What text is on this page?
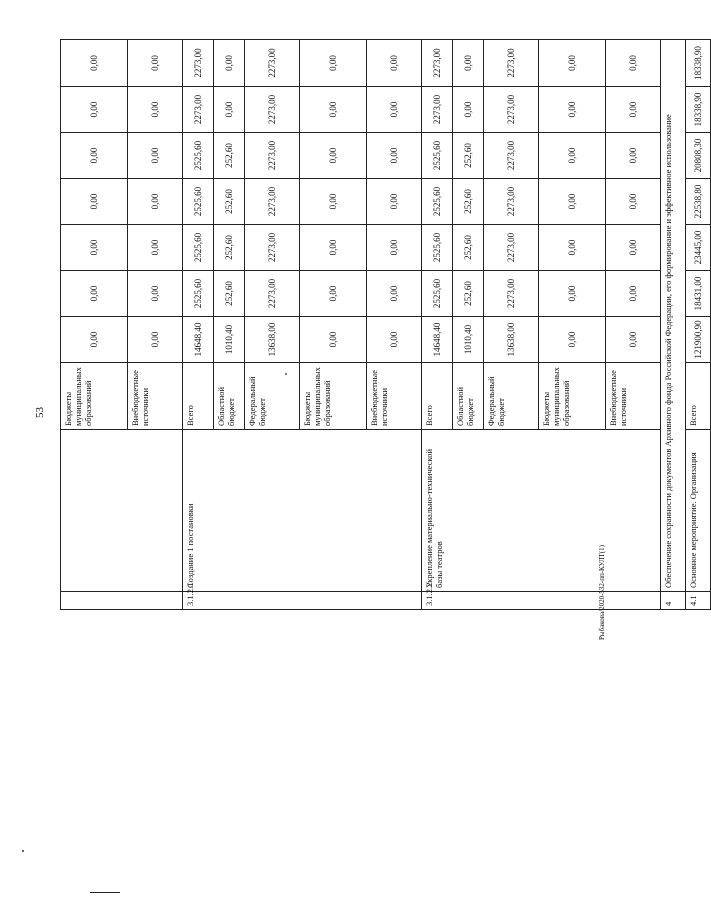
53
Рыбакова/2020-532-пп-КУЛТ(1)
		Бюджеты муниципальных образований	0,00	0,00	0,00	0,00	0,00	0,00	0,00
		Внебюджетные источники	0,00	0,00	0,00	0,00	0,00	0,00	0,00
3.1.2.1	Создание 1 постановки	Всего	14648,40	2525,60	2525,60	2525,60	2525,60	2273,00	2273,00
		Областной бюджет	1010,40	252,60	252,60	252,60	252,60	0,00	0,00
		Федеральный бюджет	13638,00	2273,00	2273,00	2273,00	2273,00	2273,00	2273,00
		Бюджеты муниципальных образований	0,00	0,00	0,00	0,00	0,00	0,00	0,00
		Внебюджетные источники	0,00	0,00	0,00	0,00	0,00	0,00	0,00
3.1.2.2	Укрепление материально-технической базы театров	Всего	14648,40	2525,60	2525,60	2525,60	2525,60	2273,00	2273,00
		Областной бюджет	1010,40	252,60	252,60	252,60	252,60	0,00	0,00
		Федеральный бюджет	13638,00	2273,00	2273,00	2273,00	2273,00	2273,00	2273,00
		Бюджеты муниципальных образований	0,00	0,00	0,00	0,00	0,00	0,00	0,00
		Внебюджетные источники	0,00	0,00	0,00	0,00	0,00	0,00	0,00
4	Обеспечение сохранности документов Архивного фонда Российской Федерации, его формирование и эффективное использование								
4.1	Основное мероприятие. Организация	Всего	121900,90	18431,00	23445,00	22538,80	20808,30	18338,90	18338,90
